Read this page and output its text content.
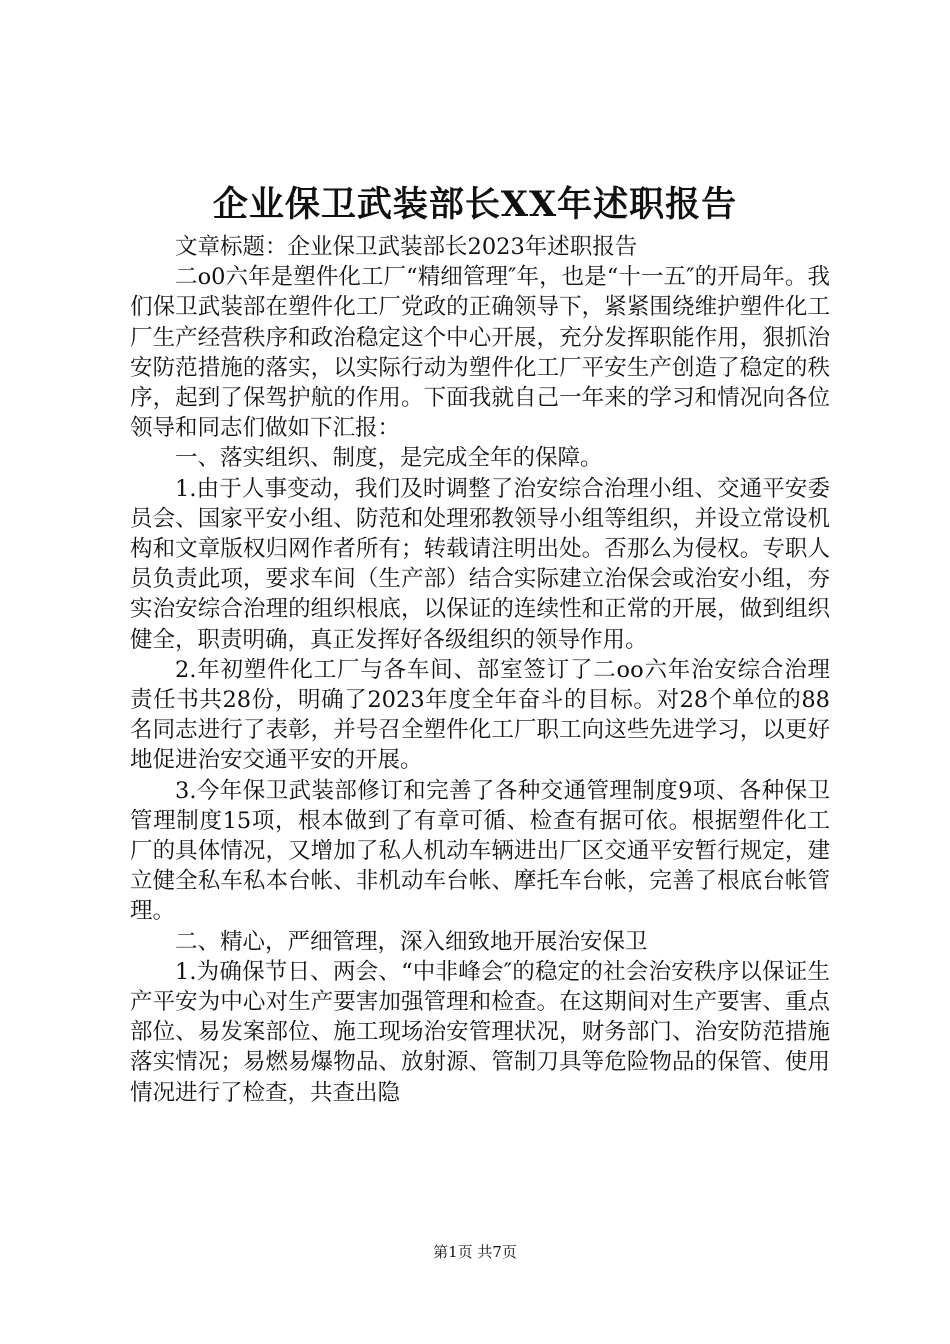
企业保卫武装部长XX年述职报告

文章标题：企业保卫武装部长2023年述职报告

二o0六年是塑件化工厂“精细管理″年，也是“十一五″的开局年。我们保卫武装部在塑件化工厂党政的正确领导下，紧紧围绕维护塑件化工厂生产经营秩序和政治稳定这个中心开展，充分发挥职能作用，狠抓治安防范措施的落实，以实际行动为塑件化工厂平安生产创造了稳定的秩序，起到了保驾护航的作用。下面我就自己一年来的学习和情况向各位领导和同志们做如下汇报：

一、落实组织、制度，是完成全年的保障。

1.由于人事变动，我们及时调整了治安综合治理小组、交通平安委员会、国家平安小组、防范和处理邪教领导小组等组织，并设立常设机构和文章版权归网作者所有；转载请注明出处。否那么为侵权。专职人员负责此项，要求车间（生产部）结合实际建立治保会或治安小组，夯实治安综合治理的组织根底，以保证的连续性和正常的开展，做到组织健全，职责明确，真正发挥好各级组织的领导作用。

2.年初塑件化工厂与各车间、部室签订了二oo六年治安综合治理责任书共28份，明确了2023年度全年奋斗的目标。对28个单位的88名同志进行了表彰，并号召全塑件化工厂职工向这些先进学习，以更好地促进治安交通平安的开展。

3.今年保卫武装部修订和完善了各种交通管理制度9项、各种保卫管理制度15项，根本做到了有章可循、检查有据可依。根据塑件化工厂的具体情况，又增加了私人机动车辆进出厂区交通平安暂行规定，建立健全私车私本台帐、非机动车台帐、摩托车台帐，完善了根底台帐管理。

二、精心，严细管理，深入细致地开展治安保卫

1.为确保节日、两会、“中非峰会″的稳定的社会治安秩序以保证生产平安为中心对生产要害加强管理和检查。在这期间对生产要害、重点部位、易发案部位、施工现场治安管理状况，财务部门、治安防范措施落实情况；易燃易爆物品、放射源、管制刀具等危险物品的保管、使用情况进行了检查，共查出隐

第1页 共7页
